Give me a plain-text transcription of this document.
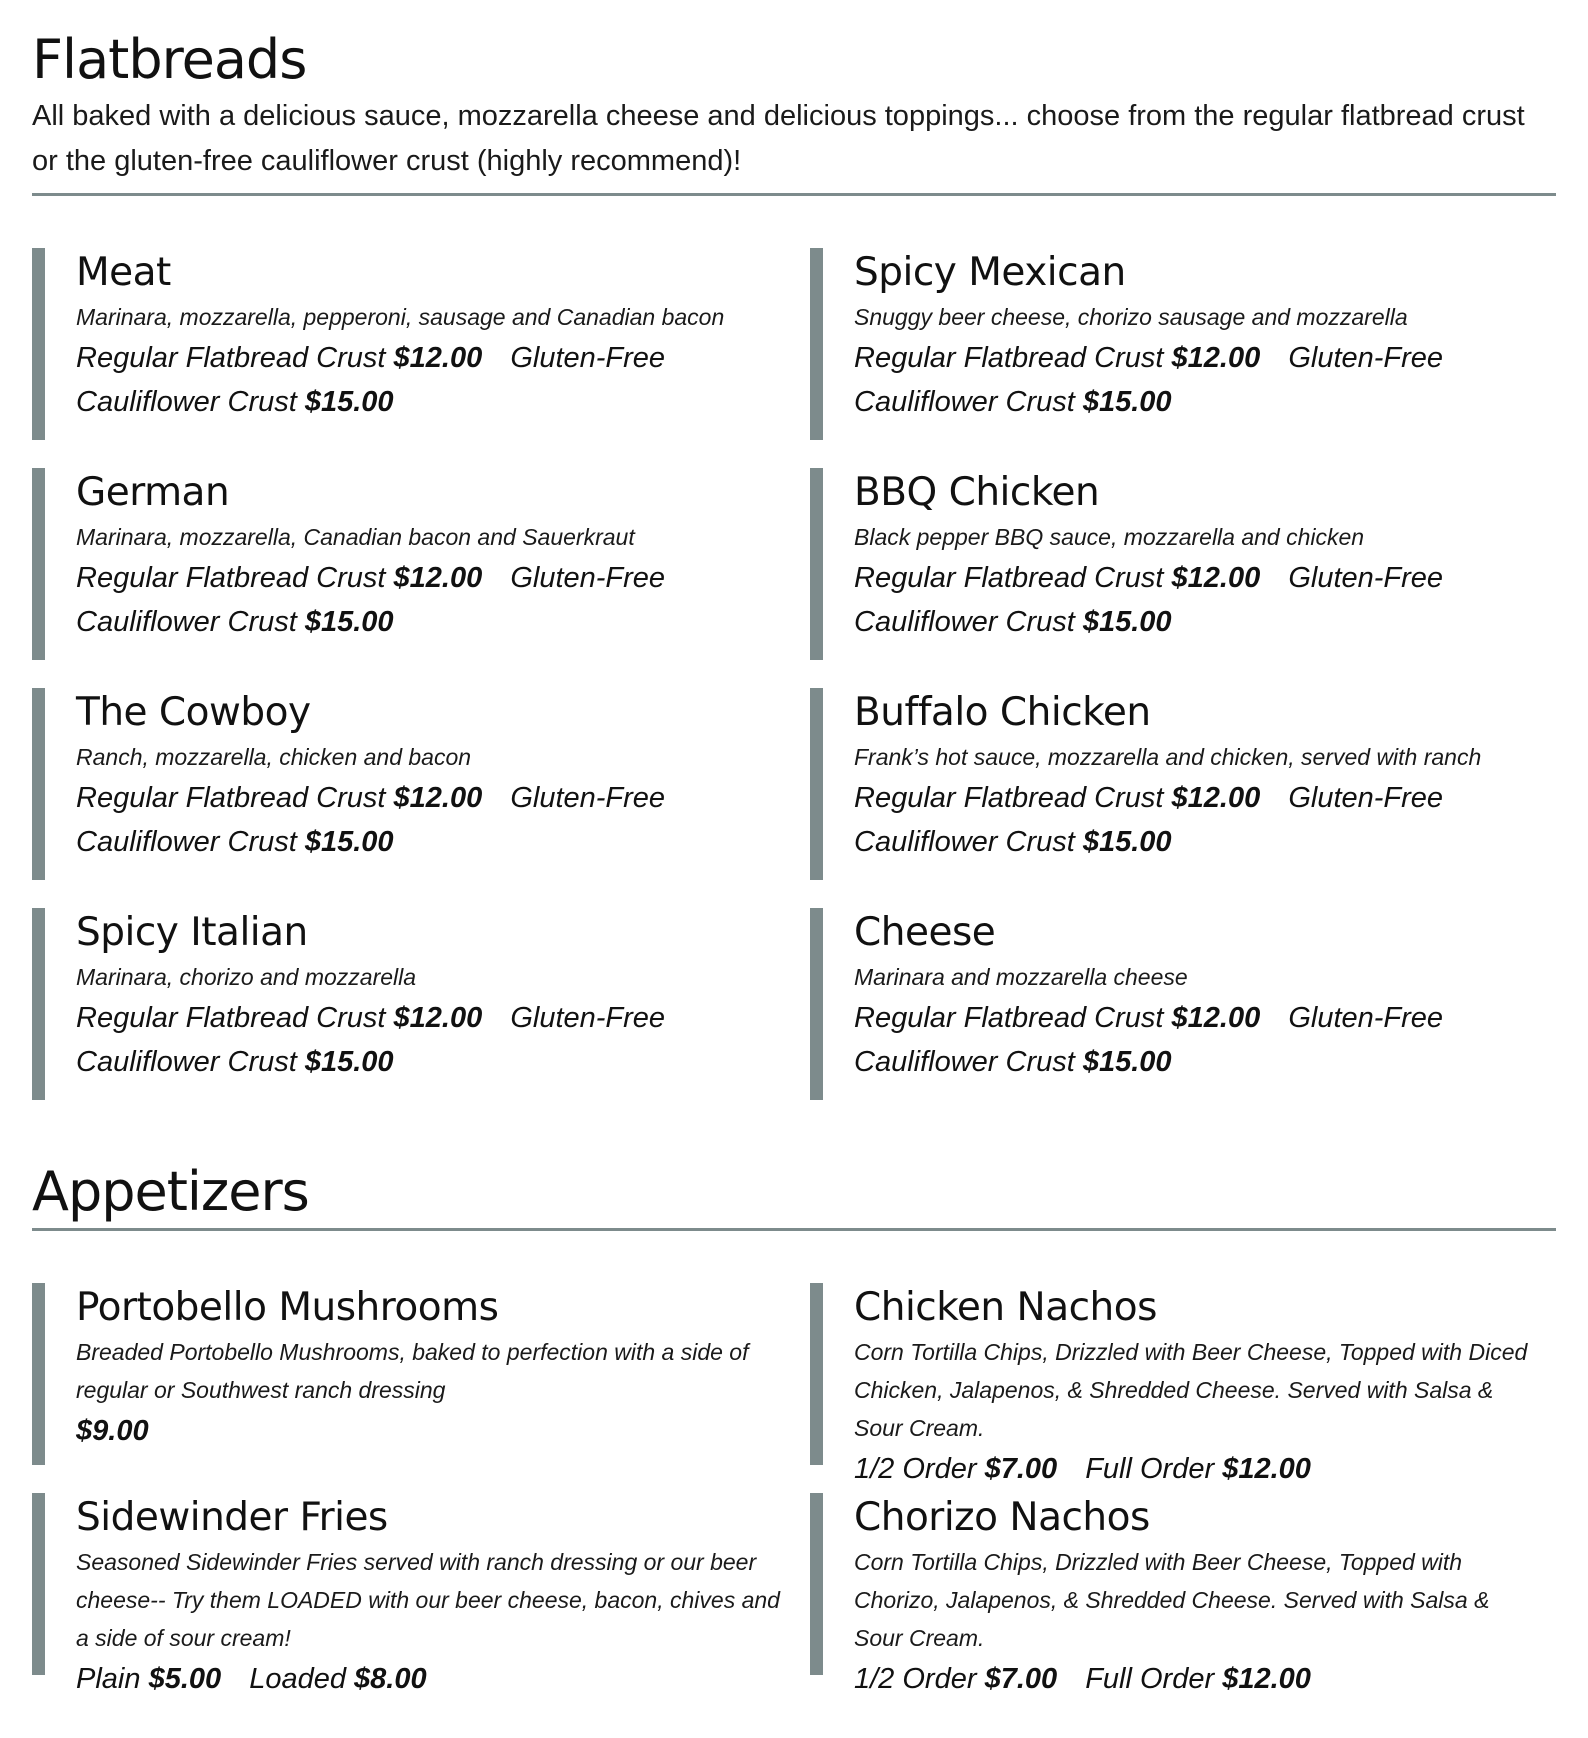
Flatbreads

All baked with a delicious sauce, mozzarella cheese and delicious toppings... choose from the regular flatbread crust or the gluten-free cauliflower crust (highly recommend)!

Meat
Marinara, mozzarella, pepperoni, sausage and Canadian bacon
Regular Flatbread Crust $12.00 Gluten-Free Cauliflower Crust $15.00
Spicy Mexican
Snuggy beer cheese, chorizo sausage and mozzarella
Regular Flatbread Crust $12.00 Gluten-Free Cauliflower Crust $15.00
German
Marinara, mozzarella, Canadian bacon and Sauerkraut
Regular Flatbread Crust $12.00 Gluten-Free Cauliflower Crust $15.00
BBQ Chicken
Black pepper BBQ sauce, mozzarella and chicken
Regular Flatbread Crust $12.00 Gluten-Free Cauliflower Crust $15.00
The Cowboy
Ranch, mozzarella, chicken and bacon
Regular Flatbread Crust $12.00 Gluten-Free Cauliflower Crust $15.00
Buffalo Chicken
Frank’s hot sauce, mozzarella and chicken, served with ranch
Regular Flatbread Crust $12.00 Gluten-Free Cauliflower Crust $15.00
Spicy Italian
Marinara, chorizo and mozzarella
Regular Flatbread Crust $12.00 Gluten-Free Cauliflower Crust $15.00
Cheese
Marinara and mozzarella cheese
Regular Flatbread Crust $12.00 Gluten-Free Cauliflower Crust $15.00
Appetizers
Portobello Mushrooms
Breaded Portobello Mushrooms, baked to perfection with a side of regular or Southwest ranch dressing
$9.00
Chicken Nachos
Corn Tortilla Chips, Drizzled with Beer Cheese, Topped with Diced Chicken, Jalapenos, & Shredded Cheese. Served with Salsa & Sour Cream.
1/2 Order $7.00 Full Order $12.00
Sidewinder Fries
Seasoned Sidewinder Fries served with ranch dressing or our beer cheese-- Try them LOADED with our beer cheese, bacon, chives and a side of sour cream!
Plain $5.00 Loaded $8.00
Chorizo Nachos
Corn Tortilla Chips, Drizzled with Beer Cheese, Topped with Chorizo, Jalapenos, & Shredded Cheese. Served with Salsa & Sour Cream.
1/2 Order $7.00 Full Order $12.00
